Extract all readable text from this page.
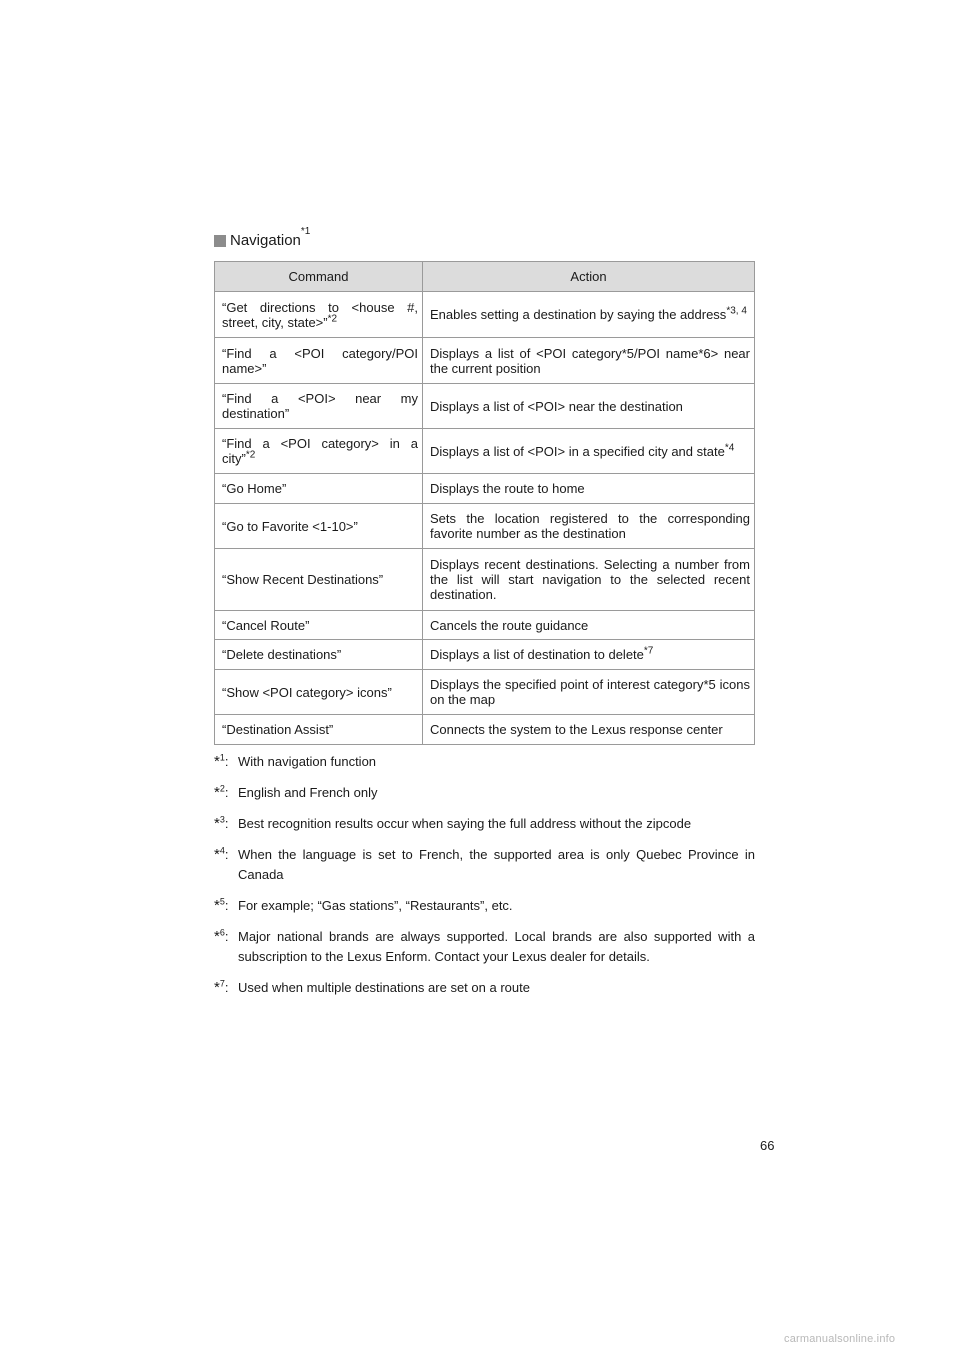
Navigation
*1
Command	Action
“Get directions to <house #, street, city, state>”$^{*2}$	Enables setting a destination by saying the address$^{*3, 4}$
“Find a <POI category/POI name>”	Displays a list of <POI category*5/POI name*6> near the current position
“Find a <POI> near my destination”	Displays a list of <POI> near the destination
“Find a <POI category> in a city”$^{*2}$	Displays a list of <POI> in a specified city and state$^{*4}$
“Go Home”	Displays the route to home
“Go to Favorite <1-10>”	Sets the location registered to the corresponding favorite number as the destination
“Show Recent Destinations”	Displays recent destinations. Selecting a number from the list will start navigation to the selected recent destination.
“Cancel Route”	Cancels the route guidance
“Delete destinations”	Displays a list of destination to delete$^{*7}$
“Show <POI category> icons”	Displays the specified point of interest category*5 icons on the map
“Destination Assist”	Connects the system to the Lexus response center
*$^1$: With navigation function
*$^2$: English and French only
*$^3$: Best recognition results occur when saying the full address without the zipcode
*$^4$: When the language is set to French, the supported area is only Quebec Province in Canada
*$^5$: For example; “Gas stations”, “Restaurants”, etc.
*$^6$: Major national brands are always supported. Local brands are also supported with a subscription to the Lexus Enform. Contact your Lexus dealer for details.
*$^7$: Used when multiple destinations are set on a route
66
carmanualsonline.info
